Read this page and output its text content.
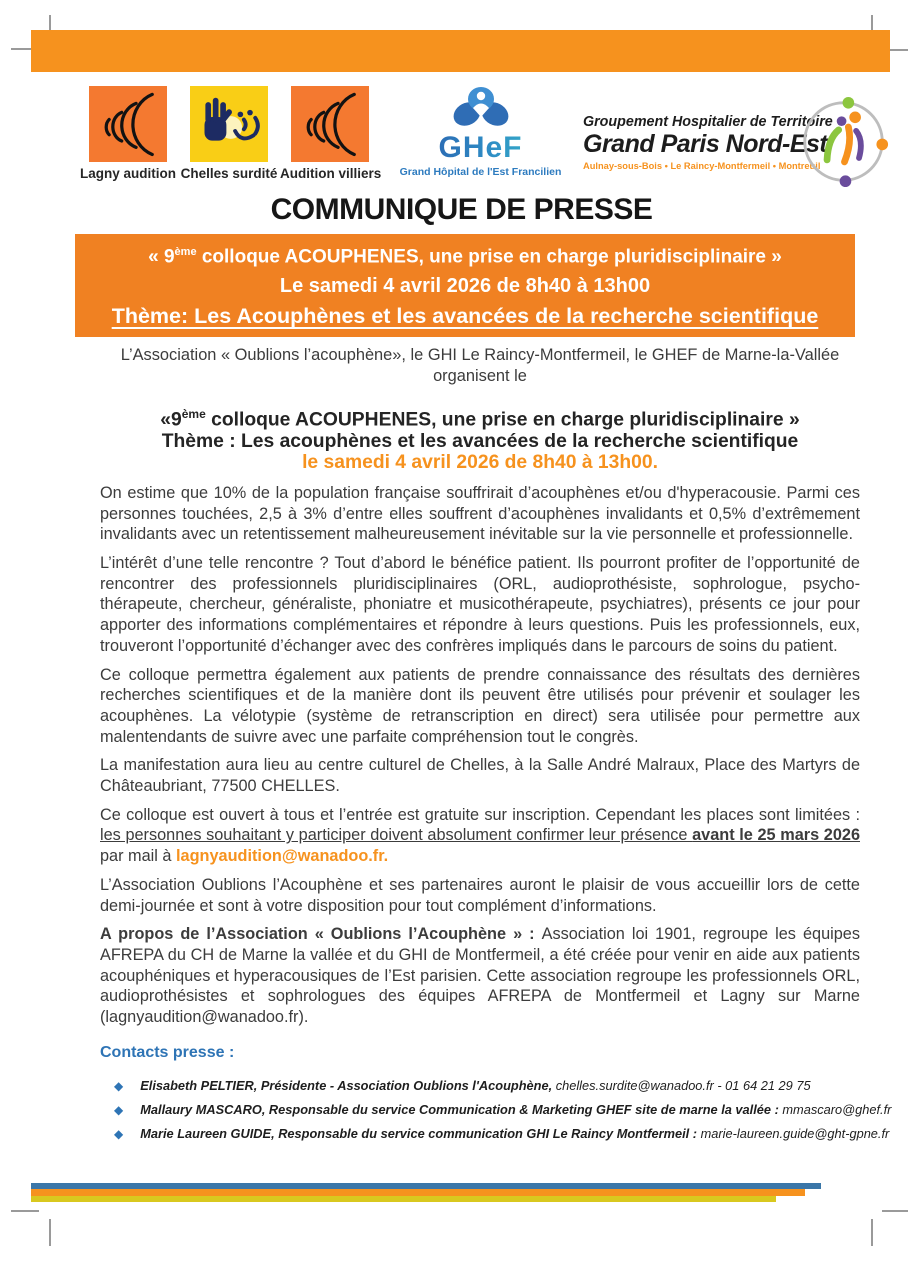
Lagny audition Chelles surdité Audition villiers
GHeF
Grand Hôpital de l'Est Francilien
Groupement Hospitalier de Territoire
Grand Paris Nord-Est
Aulnay-sous-Bois • Le Raincy-Montfermeil • Montreuil
COMMUNIQUE DE PRESSE
« 9ème colloque ACOUPHENES, une prise en charge pluridisciplinaire »
Le samedi 4 avril 2026 de 8h40 à 13h00
Thème: Les Acouphènes et les avancées de la recherche scientifique

L’Association « Oublions l’acouphène», le GHI Le Raincy-Montfermeil, le GHEF de Marne-la-Vallée organisent le

«9ème colloque ACOUPHENES, une prise en charge pluridisciplinaire »
Thème : Les acouphènes et les avancées de la recherche scientifique
le samedi 4 avril 2026 de 8h40 à 13h00.

On estime que 10% de la population française souffrirait d’acouphènes et/ou d'hyperacousie. Parmi ces personnes touchées, 2,5 à 3% d’entre elles souffrent d’acouphènes invalidants et 0,5% d’extrêmement invalidants avec un retentissement malheureusement inévitable sur la vie personnelle et professionnelle.

L’intérêt d’une telle rencontre ? Tout d’abord le bénéfice patient. Ils pourront profiter de l’opportunité de rencontrer des professionnels pluridisciplinaires (ORL, audioprothésiste, sophrologue, psycho-thérapeute, chercheur, généraliste, phoniatre et musicothérapeute, psychiatres), présents ce jour pour apporter des informations complémentaires et répondre à leurs questions. Puis les professionnels, eux, trouveront l’opportunité d’échanger avec des confrères impliqués dans le parcours de soins du patient.

Ce colloque permettra également aux patients de prendre connaissance des résultats des dernières recherches scientifiques et de la manière dont ils peuvent être utilisés pour prévenir et soulager les acouphènes. La vélotypie (système de retranscription en direct) sera utilisée pour permettre aux malentendants de suivre avec une parfaite compréhension tout le congrès.

La manifestation aura lieu au centre culturel de Chelles, à la Salle André Malraux, Place des Martyrs de Châteaubriant, 77500 CHELLES.

Ce colloque est ouvert à tous et l’entrée est gratuite sur inscription. Cependant les places sont limitées : les personnes souhaitant y participer doivent absolument confirmer leur présence avant le 25 mars 2026 par mail à lagnyaudition@wanadoo.fr.

L’Association Oublions l’Acouphène et ses partenaires auront le plaisir de vous accueillir lors de cette demi-journée et sont à votre disposition pour tout complément d’informations.

A propos de l’Association « Oublions l’Acouphène » : Association loi 1901, regroupe les équipes AFREPA du CH de Marne la vallée et du GHI de Montfermeil, a été créée pour venir en aide aux patients acouphéniques et hyperacousiques de l’Est parisien. Cette association regroupe les professionnels ORL, audioprothésistes et sophrologues des équipes AFREPA de Montfermeil et Lagny sur Marne (lagnyaudition@wanadoo.fr).

Contacts presse :
◆ Elisabeth PELTIER, Présidente - Association Oublions l'Acouphène, chelles.surdite@wanadoo.fr - 01 64 21 29 75
◆ Mallaury MASCARO, Responsable du service Communication & Marketing GHEF site de marne la vallée : mmascaro@ghef.fr
◆ Marie Laureen GUIDE, Responsable du service communication GHI Le Raincy Montfermeil : marie-laureen.guide@ght-gpne.fr
